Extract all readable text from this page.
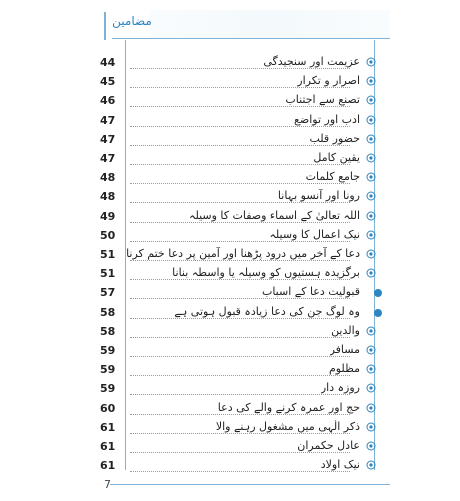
مضامین
44	عزیمت اور سنجیدگی
45	اصرار و تکرار
46	تصنع سے اجتناب
47	ادب اور تواضع
47	حضورِ قلب
47	یقین کامل
48	جامع کلمات
48	رونا اور آنسو بہانا
49	اللہ تعالیٰ کے اسماء وصفات کا وسیلہ
50	نیک اعمال کا وسیلہ
51 دعا کے آخر میں درود پڑھنا اور آمین پر دعا ختم کرنا
51	برگزیدہ ہستیوں کو وسیلہ یا واسطہ بنانا
57	قبولیت دعا کے اسباب
58	وہ لوگ جن کی دعا زیادہ قبول ہوتی ہے
58	والدین
59	مسافر
59	مظلوم
59	روزہ دار
60	حج اور عمرہ کرنے والے کی دعا
61	ذکر الٰہی میں مشغول رہنے والا
61	عادل حکمران
61	نیک اولاد
7
